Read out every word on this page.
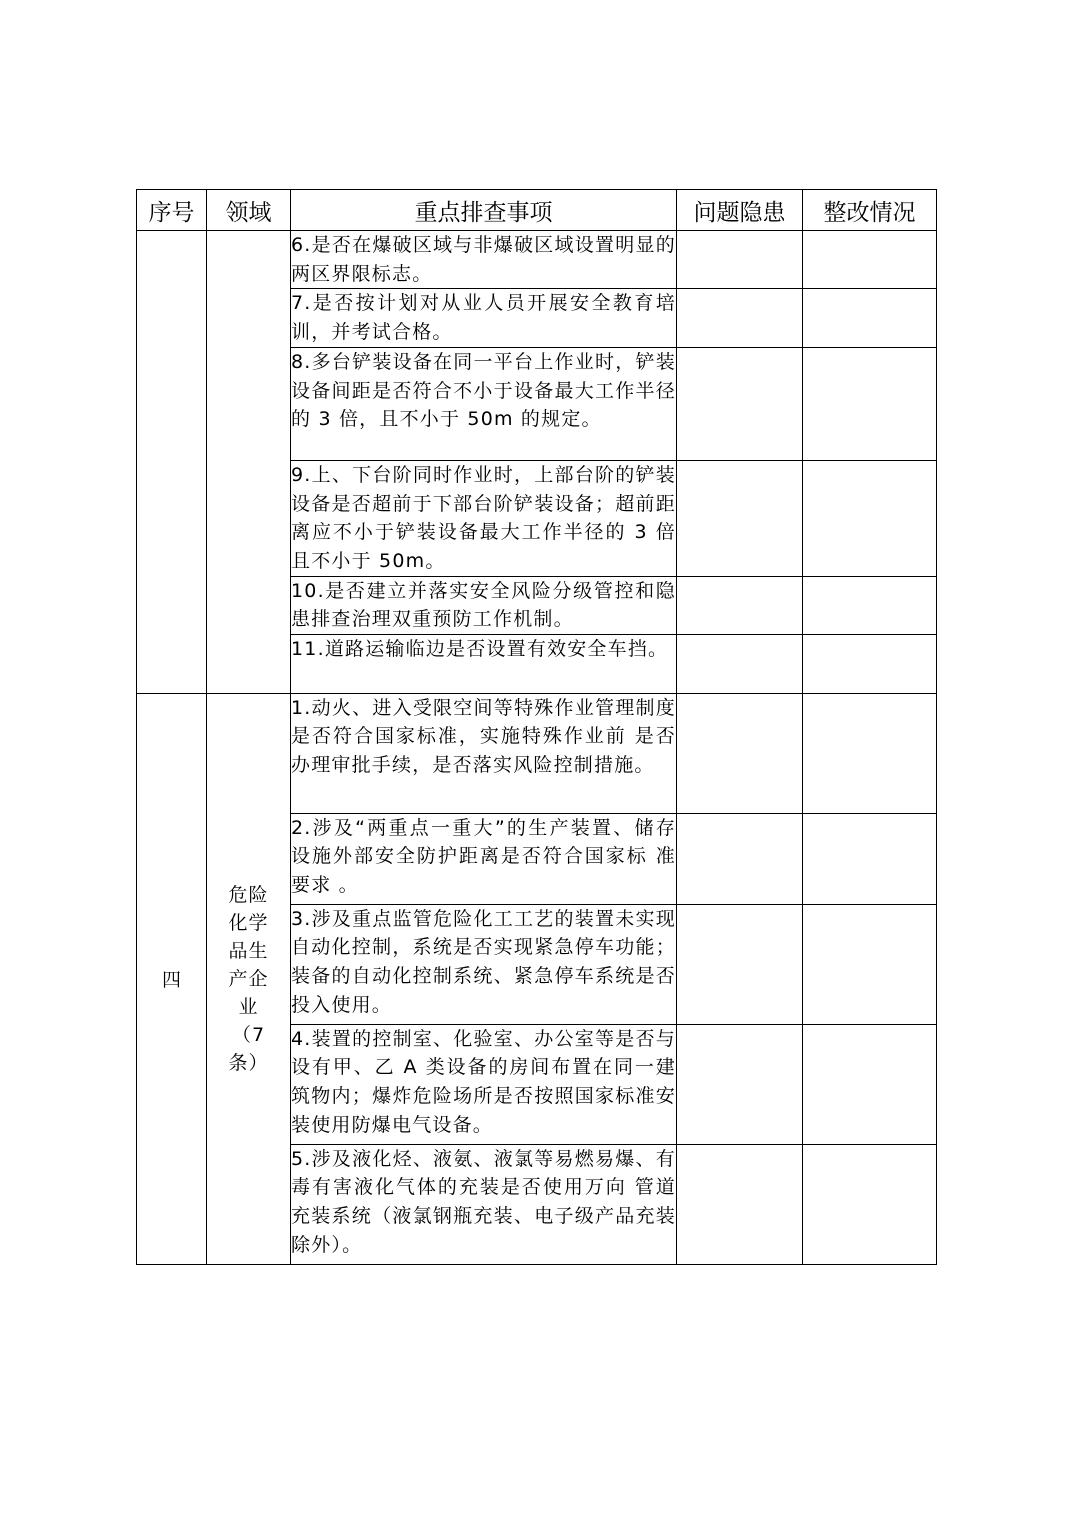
序号	领域	重点排查事项	问题隐患	整改情况
		6.是否在爆破区域与非爆破区域设置明显的两区界限标志。		
		7.是否按计划对从业人员开展安全教育培训，并考试合格。		
		8.多台铲装设备在同一平台上作业时，铲装设备间距是否符合不小于设备最大工作半径的 3 倍，且不小于 50m 的规定。		
		9.上、下台阶同时作业时，上部台阶的铲装设备是否超前于下部台阶铲装设备；超前距离应不小于铲装设备最大工作半径的 3 倍且不小于 50m。		
		10.是否建立并落实安全风险分级管控和隐患排查治理双重预防工作机制。		
		11.道路运输临边是否设置有效安全车挡。		
四	危险化学品生产企业（7条）	1.动火、进入受限空间等特殊作业管理制度是否符合国家标准，实施特殊作业前 是否办理审批手续，是否落实风险控制措施。		
		2.涉及“两重点一重大”的生产装置、储存设施外部安全防护距离是否符合国家标 准要求 。		
		3.涉及重点监管危险化工工艺的装置未实现自动化控制，系统是否实现紧急停车功能；装备的自动化控制系统、紧急停车系统是否投入使用。		
		4.装置的控制室、化验室、办公室等是否与设有甲、乙 A 类设备的房间布置在同一建筑物内；爆炸危险场所是否按照国家标准安装使用防爆电气设备。		
		5.涉及液化烃、液氨、液氯等易燃易爆、有毒有害液化气体的充装是否使用万向 管道充装系统（液氯钢瓶充装、电子级产品充装除外）。		
